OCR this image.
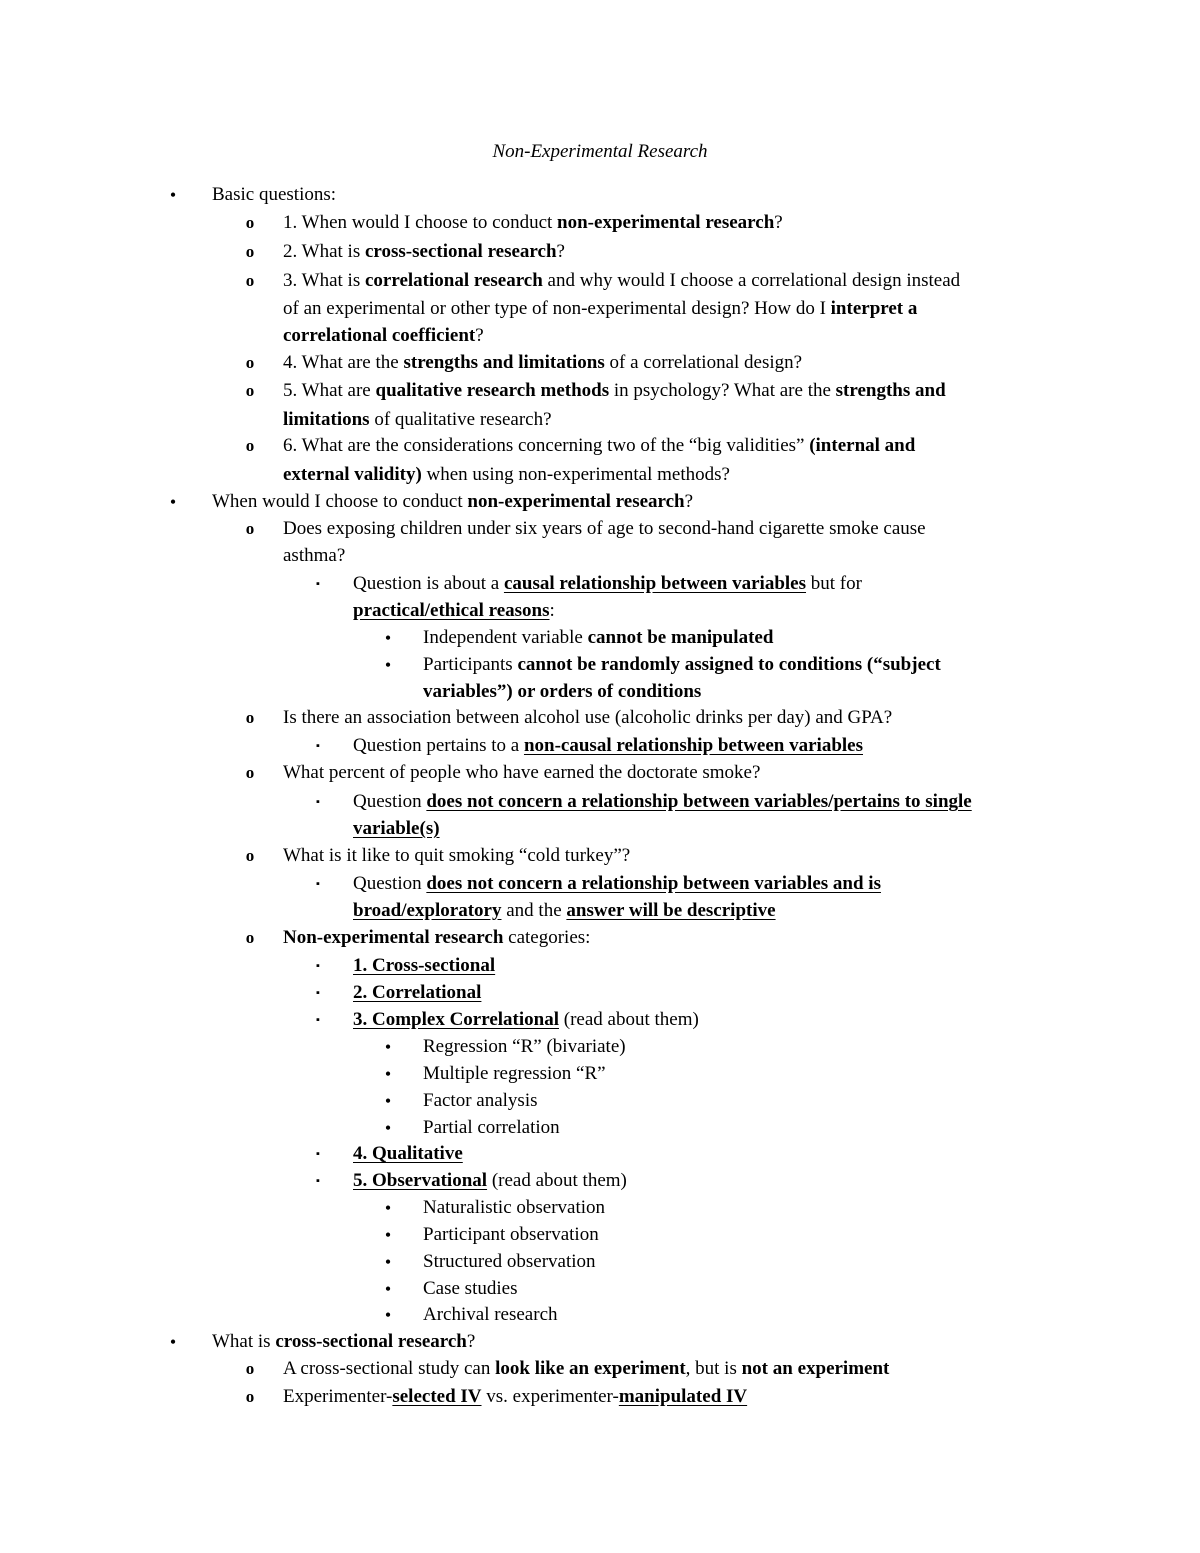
Non-Experimental Research
•	Basic questions:
o	1. When would I choose to conduct non-experimental research?
o	2. What is cross-sectional research?
o	3. What is correlational research and why would I choose a correlational design instead
of an experimental or other type of non-experimental design? How do I interpret a
correlational coefficient?
o	4. What are the strengths and limitations of a correlational design?
o	5. What are qualitative research methods in psychology? What are the strengths and
limitations of qualitative research?
o	6. What are the considerations concerning two of the “big validities” (internal and
external validity) when using non-experimental methods?
•	When would I choose to conduct non-experimental research?
o	Does exposing children under six years of age to second-hand cigarette smoke cause
asthma?
▪	Question is about a causal relationship between variables but for
practical/ethical reasons:
•	Independent variable cannot be manipulated
•	Participants cannot be randomly assigned to conditions (“subject
variables”) or orders of conditions
o	Is there an association between alcohol use (alcoholic drinks per day) and GPA?
▪	Question pertains to a non-causal relationship between variables
o	What percent of people who have earned the doctorate smoke?
▪	Question does not concern a relationship between variables/pertains to single
variable(s)
o	What is it like to quit smoking “cold turkey”?
▪	Question does not concern a relationship between variables and is
broad/exploratory and the answer will be descriptive
o	Non-experimental research categories:
▪	1. Cross-sectional
▪	2. Correlational
▪	3. Complex Correlational (read about them)
•	Regression “R” (bivariate)
•	Multiple regression “R”
•	Factor analysis
•	Partial correlation
▪	4. Qualitative
▪	5. Observational (read about them)
•	Naturalistic observation
•	Participant observation
•	Structured observation
•	Case studies
•	Archival research
•	What is cross-sectional research?
o	A cross-sectional study can look like an experiment, but is not an experiment
o	Experimenter-selected IV vs. experimenter-manipulated IV
